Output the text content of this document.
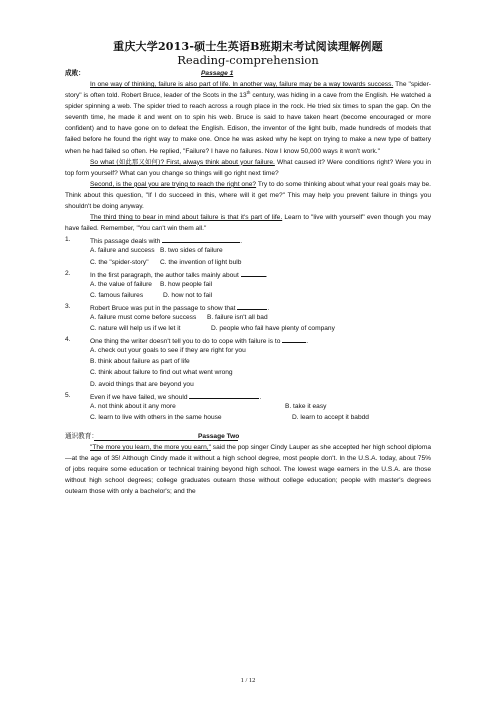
重庆大学2013-硕士生英语B班期末考试阅读理解例题
Reading-comprehension
成败：	Passage 1

In one way of thinking, failure is also part of life. In another way, failure may be a way towards success. The "spider-story" is often told. Robert Bruce, leader of the Scots in the 13th century, was hiding in a cave from the English. He watched a spider spinning a web. The spider tried to reach across a rough place in the rock. He tried six times to span the gap. On the seventh time, he made it and went on to spin his web. Bruce is said to have taken heart (become encouraged or more confident) and to have gone on to defeat the English. Edison, the inventor of the light bulb, made hundreds of models that failed before he found the right way to make one. Once he was asked why he kept on trying to make a new type of battery when he had failed so often. He replied, "Failure? I have no failures. Now I know 50,000 ways it won't work."

So what (如此那又如何)? First, always think about your failure. What caused it? Were conditions right? Were you in top form yourself? What can you change so things will go right next time?

Second, is the goal you are trying to reach the right one? Try to do some thinking about what your real goals may be. Think about this question, "If I do succeed in this, where will it get me?" This may help you prevent failure in things you shouldn't be doing anyway.

The third thing to bear in mind about failure is that it's part of life. Learn to "live with yourself" even though you may have failed. Remember, "You can't win them all."

1.	This passage deals with	.
A. failure and success B. two sides of failure
C. the "spider-story" C. the invention of light bulb
2.	In the first paragraph, the author talks mainly about	.
A. the value of failure B. how people fail
C. famous failures	D. how not to fail
3.	Robert Bruce was put in the passage to show that	.
A. failure must come before success B. failure isn't all bad
C. nature will help us if we let it	D. people who fail have plenty of company
4.	One thing the writer doesn't tell you to do to cope with failure is to	.
A. check out your goals to see if they are right for you
B. think about failure as part of life
C. think about failure to find out what went wrong
D. avoid things that are beyond you
5.	Even if we have failed, we should	.
A. not think about it any more	B. take it easy
C. learn to live with others in the same house	D. learn to accept it babdd
通识教育：	Passage Two

"The more you learn, the more you earn," said the pop singer Cindy Lauper as she accepted her high school diploma—at the age of 35! Although Cindy made it without a high school degree, most people don't. In the U.S.A. today, about 75% of jobs require some education or technical training beyond high school. The lowest wage earners in the U.S.A. are those without high school degrees; college graduates outearn those without college education; people with master's degrees outearn those with only a bachelor's; and the

1 / 12
